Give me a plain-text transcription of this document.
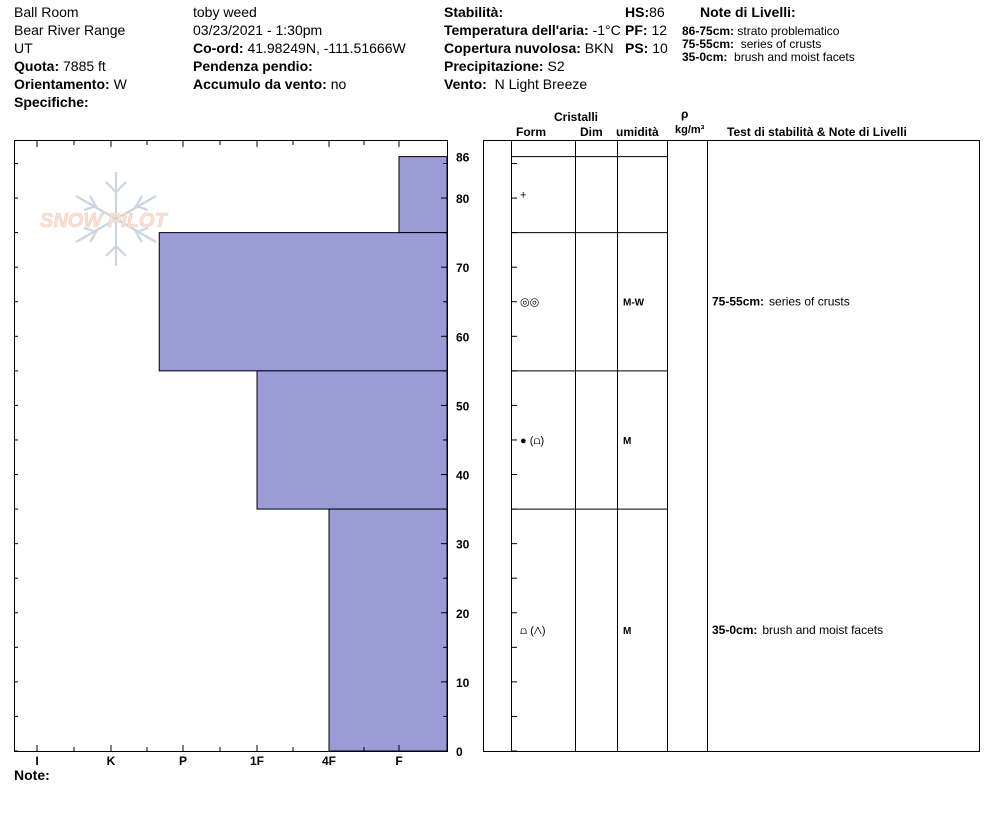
Ball Room
Bear River Range
UT
Quota: 7885 ft
Orientamento: W
Specifiche:
toby weed
03/23/2021 - 1:30pm
Co-ord: 41.98249N, -111.51666W
Pendenza pendio:
Accumulo da vento: no
Stabilità:
Temperatura dell'aria: -1°C
Copertura nuvolosa: BKN
Precipitazione: S2
Vento: N Light Breeze
HS:86
PF: 12
PS: 10
Note di Livelli:
86-75cm: strato problematico
75-55cm: series of crusts
35-0cm: brush and moist facets
Cristalli
Form	Dim umidità
ρ
kg/m³ Test di stabilità & Note di Livelli
Note:
SNOW PILOT
0
10
20
30
40
50
60
70
80
86
I	K	P	1F	4F	F
+
◎◎	M-W	75-55cm: series of crusts
● (⩍)	M
⩍ (⋀)	M	35-0cm: brush and moist facets
